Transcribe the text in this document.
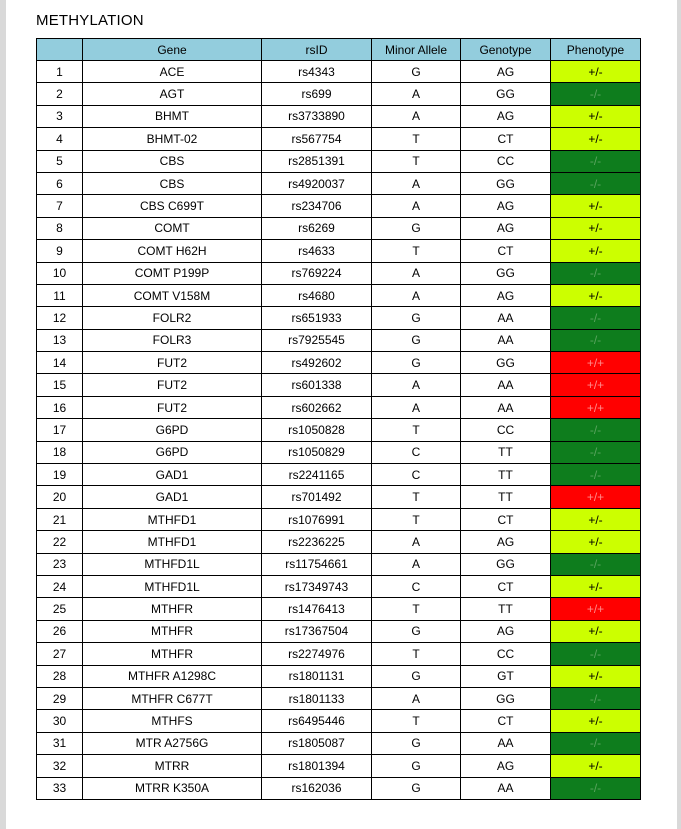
METHYLATION
	Gene	rsID	Minor Allele	Genotype	Phenotype
1	ACE	rs4343	G	AG	+/-
2	AGT	rs699	A	GG	-/-
3	BHMT	rs3733890	A	AG	+/-
4	BHMT-02	rs567754	T	CT	+/-
5	CBS	rs2851391	T	CC	-/-
6	CBS	rs4920037	A	GG	-/-
7	CBS C699T	rs234706	A	AG	+/-
8	COMT	rs6269	G	AG	+/-
9	COMT H62H	rs4633	T	CT	+/-
10	COMT P199P	rs769224	A	GG	-/-
11	COMT V158M	rs4680	A	AG	+/-
12	FOLR2	rs651933	G	AA	-/-
13	FOLR3	rs7925545	G	AA	-/-
14	FUT2	rs492602	G	GG	+/+
15	FUT2	rs601338	A	AA	+/+
16	FUT2	rs602662	A	AA	+/+
17	G6PD	rs1050828	T	CC	-/-
18	G6PD	rs1050829	C	TT	-/-
19	GAD1	rs2241165	C	TT	-/-
20	GAD1	rs701492	T	TT	+/+
21	MTHFD1	rs1076991	T	CT	+/-
22	MTHFD1	rs2236225	A	AG	+/-
23	MTHFD1L	rs11754661	A	GG	-/-
24	MTHFD1L	rs17349743	C	CT	+/-
25	MTHFR	rs1476413	T	TT	+/+
26	MTHFR	rs17367504	G	AG	+/-
27	MTHFR	rs2274976	T	CC	-/-
28	MTHFR A1298C	rs1801131	G	GT	+/-
29	MTHFR C677T	rs1801133	A	GG	-/-
30	MTHFS	rs6495446	T	CT	+/-
31	MTR A2756G	rs1805087	G	AA	-/-
32	MTRR	rs1801394	G	AG	+/-
33	MTRR K350A	rs162036	G	AA	-/-
